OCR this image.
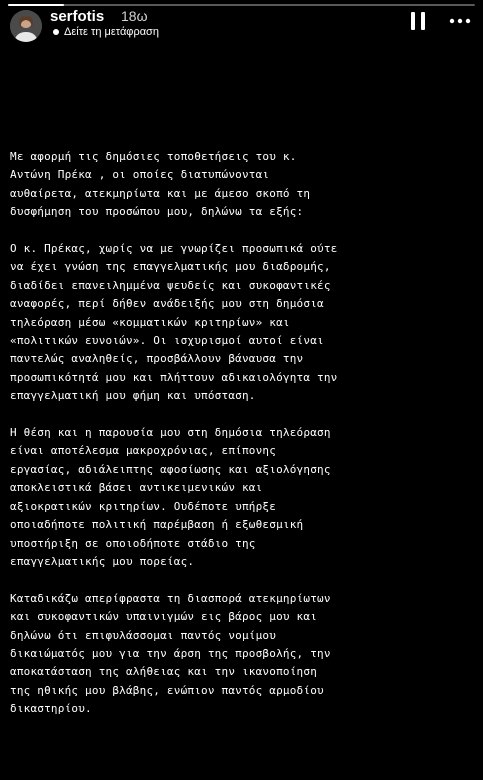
serfotis 18ω
Δείτε τη μετάφραση
Με αφορμή τις δημόσιες τοποθετήσεις του κ.
Αντώνη Πρέκα , οι οποίες διατυπώνονται
αυθαίρετα, ατεκμηρίωτα και με άμεσο σκοπό τη
δυσφήμηση του προσώπου μου, δηλώνω τα εξής:
Ο κ. Πρέκας, χωρίς να με γνωρίζει προσωπικά ούτε
να έχει γνώση της επαγγελματικής μου διαδρομής,
διαδίδει επανειλημμένα ψευδείς και συκοφαντικές
αναφορές, περί δήθεν ανάδειξής μου στη δημόσια
τηλεόραση μέσω «κομματικών κριτηρίων» και
«πολιτικών ευνοιών». Οι ισχυρισμοί αυτοί είναι
παντελώς αναληθείς, προσβάλλουν βάναυσα την
προσωπικότητά μου και πλήττουν αδικαιολόγητα την
επαγγελματική μου φήμη και υπόσταση.
Η θέση και η παρουσία μου στη δημόσια τηλεόραση
είναι αποτέλεσμα μακροχρόνιας, επίπονης
εργασίας, αδιάλειπτης αφοσίωσης και αξιολόγησης
αποκλειστικά βάσει αντικειμενικών και
αξιοκρατικών κριτηρίων. Ουδέποτε υπήρξε
οποιαδήποτε πολιτική παρέμβαση ή εξωθεσμική
υποστήριξη σε οποιοδήποτε στάδιο της
επαγγελματικής μου πορείας.
Καταδικάζω απερίφραστα τη διασπορά ατεκμηρίωτων
και συκοφαντικών υπαινιγμών εις βάρος μου και
δηλώνω ότι επιφυλάσσομαι παντός νομίμου
δικαιώματός μου για την άρση της προσβολής, την
αποκατάσταση της αλήθειας και την ικανοποίηση
της ηθικής μου βλάβης, ενώπιον παντός αρμοδίου
δικαστηρίου.
